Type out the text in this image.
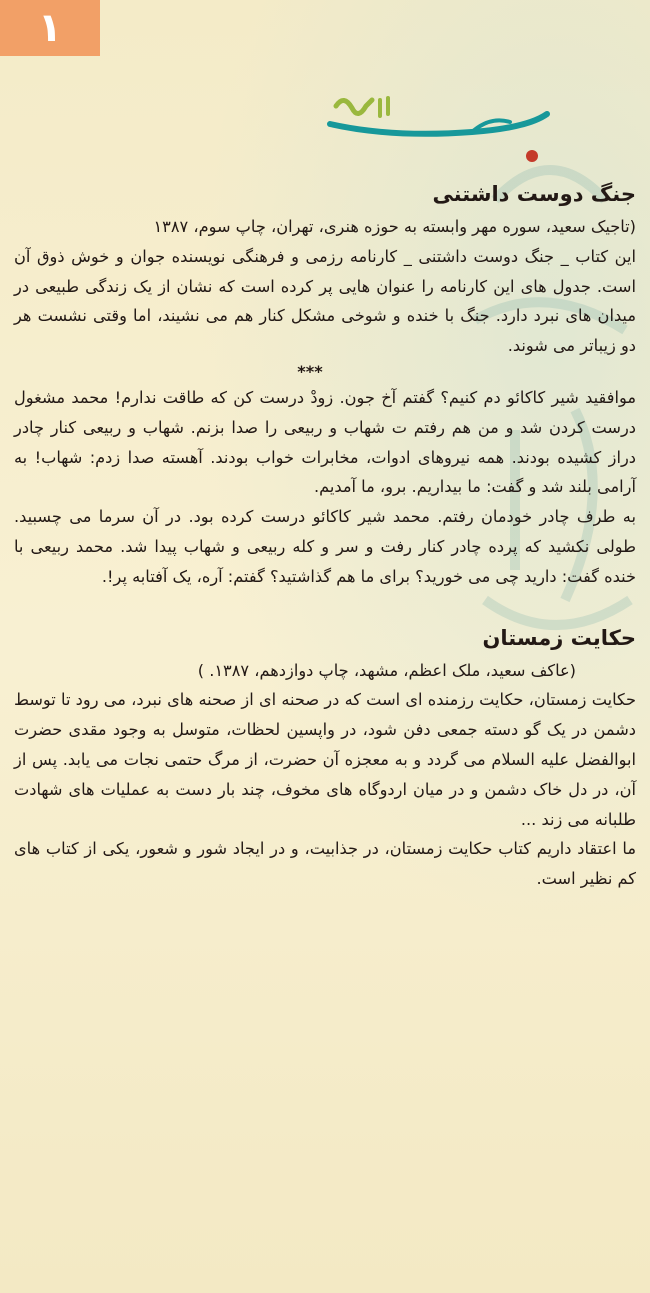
١
جنگ دوست داشتنی

(تاجیک سعید، سوره مهر وابسته به حوزه هنری، تهران، چاپ سوم، ۱۳۸۷

این کتاب _ جنگ دوست داشتنی _ کارنامه رزمی و فرهنگی نویسنده جوان و خوش ذوق آن است. جدول های این کارنامه را عنوان هایی پر کرده است که نشان از یک زندگی طبیعی در میدان های نبرد دارد. جنگ با خنده و شوخی مشکل کنار هم می نشیند، اما وقتی نشست هر دو زیباتر می شوند.

***

موافقید شیر کاکائو دم کنیم؟ گفتم آخ جون. زودْ درست کن که طاقت ندارم! محمد مشغول درست کردن شد و من هم رفتم ت شهاب و ربیعی را صدا بزنم. شهاب و ربیعی کنار چادر دراز کشیده بودند. همه نیروهای ادوات، مخابرات خواب بودند. آهسته صدا زدم: شهاب! به آرامی بلند شد و گفت: ما بیداریم. برو، ما آمدیم.

به طرف چادر خودمان رفتم. محمد شیر کاکائو درست کرده بود. در آن سرما می چسبید. طولی نکشید که پرده چادر کنار رفت و سر و کله ربیعی و شهاب پیدا شد. محمد ربیعی با خنده گفت: دارید چی می خورید؟ برای ما هم گذاشتید؟ گفتم: آره، یک آفتابه پر!.

حکایت زمستان

(عاکف سعید، ملک اعظم، مشهد، چاپ دوازدهم، ۱۳۸۷. )

حکایت زمستان، حکایت رزمنده ای است که در صحنه ای از صحنه های نبرد، می رود تا توسط دشمن در یک گو دسته جمعی دفن شود، در واپسین لحظات، متوسل به وجود مقدی حضرت ابوالفضل علیه السلام می گردد و به معجزه آن حضرت، از مرگ حتمی نجات می یابد. پس از آن، در دل خاک دشمن و در میان اردوگاه های مخوف، چند بار دست به عملیات های شهادت طلبانه می زند ...

ما اعتقاد داریم کتاب حکایت زمستان، در جذابیت، و در ایجاد شور و شعور، یکی از کتاب های کم نظیر است.
